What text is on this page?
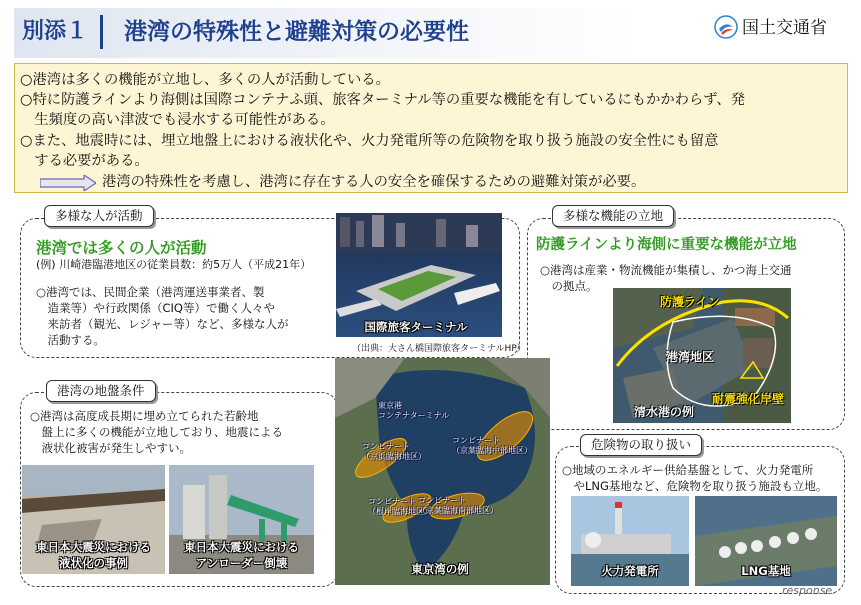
別添１	港湾の特殊性と避難対策の必要性	国土交通省
○港湾は多くの機能が立地し、多くの人が活動している。
○特に防護ラインより海側は国際コンテナふ頭、旅客ターミナル等の重要な機能を有しているにもかかわらず、発
　生頻度の高い津波でも浸水する可能性がある。
○また、地震時には、埋立地盤上における液状化や、火力発電所等の危険物を取り扱う施設の安全性にも留意
　する必要がある。
港湾の特殊性を考慮し、港湾に存在する人の安全を確保するための避難対策が必要。
多様な人が活動
港湾では多くの人が活動
(例) 川崎港臨港地区の従業員数：約5万人（平成21年）
○港湾では、民間企業（港湾運送事業者、製
　造業等）や行政関係（CIQ等）で働く人々や
　来訪者（観光、レジャー等）など、多様な人が
　活動する。
国際旅客ターミナル
（出典：大さん橋国際旅客ターミナルHP）
多様な機能の立地
防護ラインより海側に重要な機能が立地
○港湾は産業・物流機能が集積し、かつ海上交通
　の拠点。
防護ライン
港湾地区
耐震強化岸壁
清水港の例
港湾の地盤条件
○港湾は高度成長期に埋め立てられた若齢地
　盤上に多くの機能が立地しており、地震による
　液状化被害が発生しやすい。
東日本大震災における
液状化の事例
東日本大震災における
アンローダー倒壊
危険物の取り扱い
○地域のエネルギー供給基盤として、火力発電所
　やLNG基地など、危険物を取り扱う施設も立地。
火力発電所	LNG基地
東京港
コンテナターミナル
コンビナート
（京浜臨海地区）
コンビナート
（京葉臨海中部地区）
コンビナート
（根岸臨海地区）
コンビナート
（京葉臨海南部地区）
東京湾の例
response.
